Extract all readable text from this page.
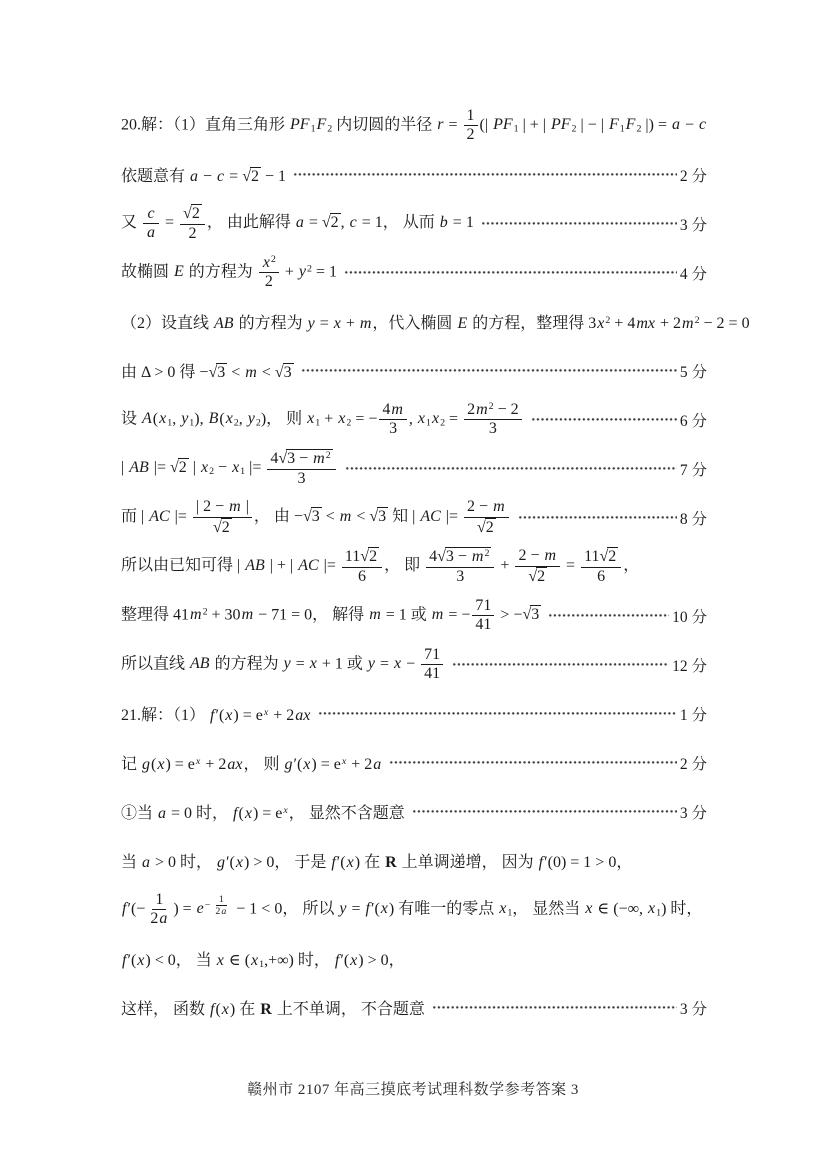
20.解：（1）直角三角形 $PF_1F_2$ 内切圆的半径 $r = \frac{1}{2}$ (| $PF_1$ | + | $PF_2$ | − | $F_1F_2$ |) = a − c
依题意有 a − c = √2 − 1	2 分
又 $\frac{c}{a} = \frac{√2}{2}$ ， 由此解得 a = √2 , c = 1， 从而 b = 1	3 分
故椭圆 E 的方程为 $\frac{x^2}{2} + y^2 = 1$	4 分
（2）设直线 AB 的方程为 y = x + m，代入椭圆 E 的方程，整理得 $3x^2 + 4mx + 2m^2 - 2 = 0$
由 Δ > 0 得 −√3 < m < √3	5 分
设 $A(x_1$, $y_1$), $B(x_2$, $y_2$)， 则 $x_1 + x_2$ = − $\frac{4m}{3}$ , $x_1x_2 = \frac{2m^2 - 2}{3}$	6 分
| AB |= √2 | $x_2 - x_1$ |= $\frac{4√3 - m^2}{3}$	7 分
而 | AC |= $\frac{| 2 - m |}{√2}$ ， 由 −√3 < m < √3 知 | AC |= $\frac{2 - m}{√2}$	8 分
所以由已知可得 | AB | + | AC |= $\frac{11√2}{6}$ ， 即 $\frac{4√3 - m^2}{3} + \frac{2 - m}{√2} = \frac{11√2}{6}$ ，
整理得 $41m^2 + 30m - 71 = 0$， 解得 m = 1 或 m = − $\frac{71}{41} > -√3$	10 分
所以直线 AB 的方程为 y = x + 1 或 $y = x - \frac{71}{41}$	12 分
21.解：（1） $f'(x) = e^x + 2ax$	1 分
记 $g(x) = e^x + 2ax$， 则 $g'(x) = e^x + 2a$	2 分
①当 a = 0 时， $f(x) = e^x$， 显然不含题意	3 分
当 a > 0 时， g′(x) > 0， 于是 f′(x) 在 R 上单调递增， 因为 f′(0) = 1 > 0，
$f'(- \frac{1}{2a}$ ) = $e^{- \frac{1}{2a}} - 1 < 0$， 所以 y = f′(x) 有唯一的零点 $x_1$， 显然当 x ∈ (−∞, $x_1$) 时，
f′(x) < 0， 当 x ∈ $(x_1,+\infty)$ 时， f′(x) > 0，
这样， 函数 f(x) 在 R 上不单调， 不合题意	3 分
赣州市 2107 年高三摸底考试理科数学参考答案 3
